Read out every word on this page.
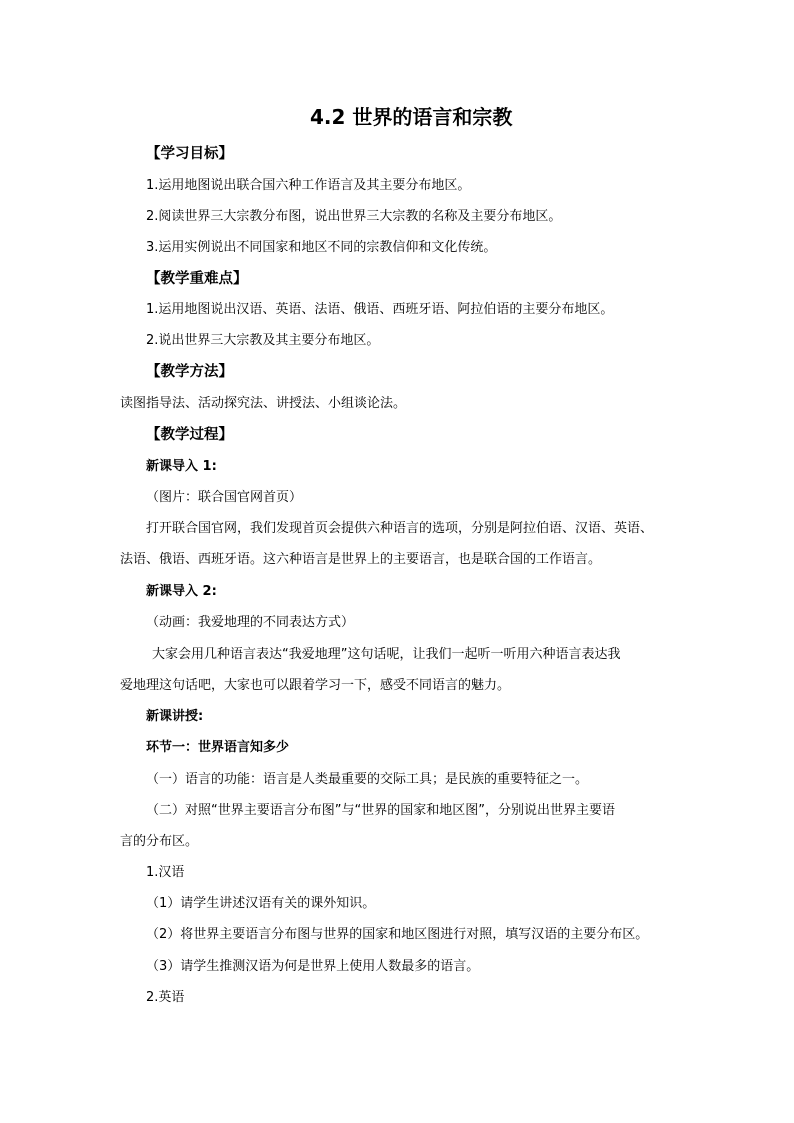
4.2 世界的语言和宗教
【学习目标】
1.运用地图说出联合国六种工作语言及其主要分布地区。
2.阅读世界三大宗教分布图，说出世界三大宗教的名称及主要分布地区。
3.运用实例说出不同国家和地区不同的宗教信仰和文化传统。
【教学重难点】
1.运用地图说出汉语、英语、法语、俄语、西班牙语、阿拉伯语的主要分布地区。
2.说出世界三大宗教及其主要分布地区。
【教学方法】
读图指导法、活动探究法、讲授法、小组谈论法。
【教学过程】
新课导入 1:
（图片：联合国官网首页）
打开联合国官网，我们发现首页会提供六种语言的选项，分别是阿拉伯语、汉语、英语、
法语、俄语、西班牙语。这六种语言是世界上的主要语言，也是联合国的工作语言。
新课导入 2:
（动画：我爱地理的不同表达方式）
大家会用几种语言表达“我爱地理”这句话呢，让我们一起听一听用六种语言表达我
爱地理这句话吧，大家也可以跟着学习一下，感受不同语言的魅力。
新课讲授:
环节一：世界语言知多少
（一）语言的功能：语言是人类最重要的交际工具；是民族的重要特征之一。
（二）对照“世界主要语言分布图”与“世界的国家和地区图”，分别说出世界主要语
言的分布区。
1.汉语
（1）请学生讲述汉语有关的课外知识。
（2）将世界主要语言分布图与世界的国家和地区图进行对照，填写汉语的主要分布区。
（3）请学生推测汉语为何是世界上使用人数最多的语言。
2.英语
